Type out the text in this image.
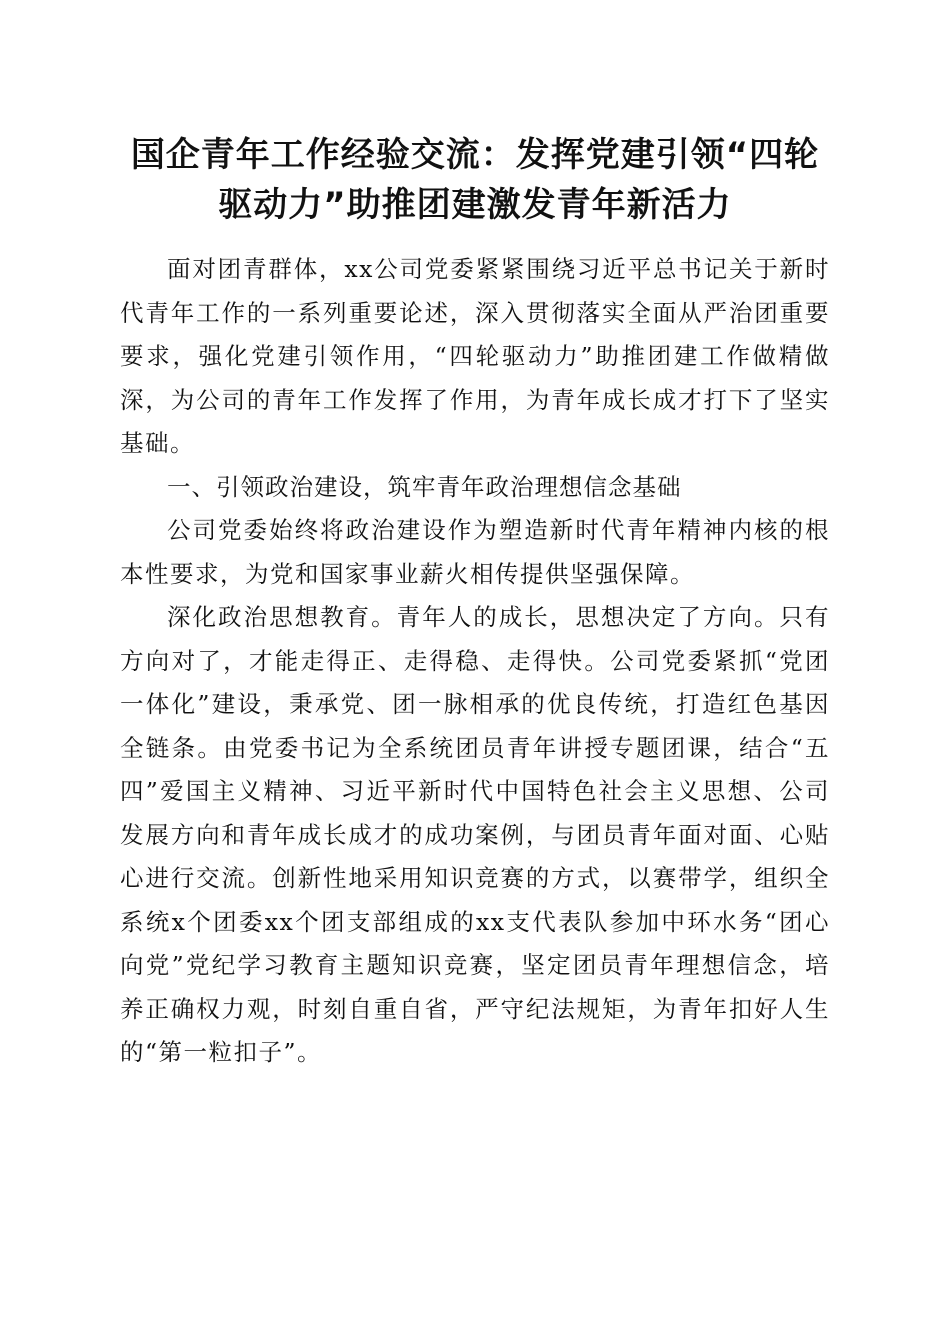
国企青年工作经验交流：发挥党建引领“四轮
驱动力”助推团建激发青年新活力

面对团青群体，xx公司党委紧紧围绕习近平总书记关于新时代青年工作的一系列重要论述，深入贯彻落实全面从严治团重要要求，强化党建引领作用，“四轮驱动力”助推团建工作做精做深，为公司的青年工作发挥了作用，为青年成长成才打下了坚实基础。

一、引领政治建设，筑牢青年政治理想信念基础

公司党委始终将政治建设作为塑造新时代青年精神内核的根本性要求，为党和国家事业薪火相传提供坚强保障。

深化政治思想教育。青年人的成长，思想决定了方向。只有方向对了，才能走得正、走得稳、走得快。公司党委紧抓“党团一体化”建设，秉承党、团一脉相承的优良传统，打造红色基因全链条。由党委书记为全系统团员青年讲授专题团课，结合“五四”爱国主义精神、习近平新时代中国特色社会主义思想、公司发展方向和青年成长成才的成功案例，与团员青年面对面、心贴心进行交流。创新性地采用知识竞赛的方式，以赛带学，组织全系统x个团委xx个团支部组成的xx支代表队参加中环水务“团心向党”党纪学习教育主题知识竞赛，坚定团员青年理想信念，培养正确权力观，时刻自重自省，严守纪法规矩，为青年扣好人生的“第一粒扣子”。
